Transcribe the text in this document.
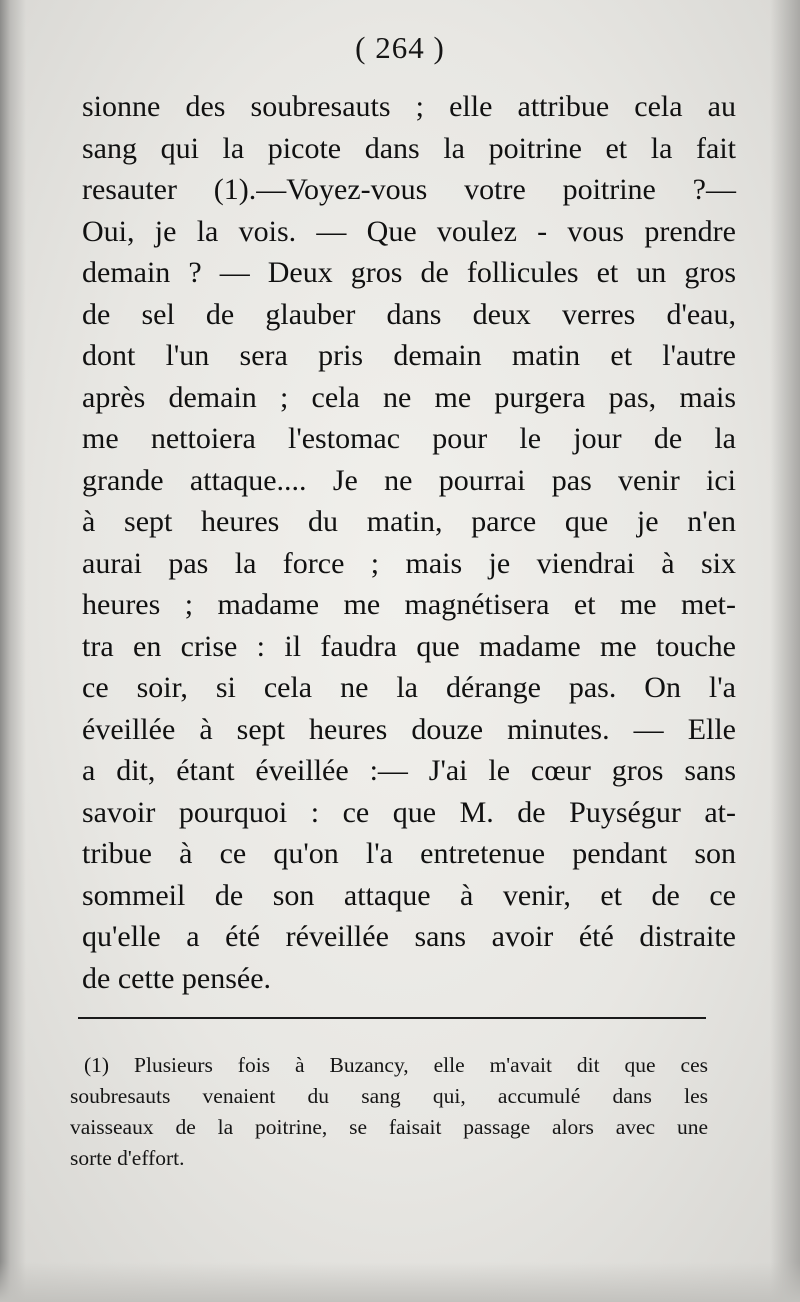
( 264 )
sionne des soubresauts ; elle attribue cela au
sang qui la picote dans la poitrine et la fait
resauter (1).—Voyez-vous votre poitrine ?—
Oui, je la vois. — Que voulez - vous prendre
demain ? — Deux gros de follicules et un gros
de sel de glauber dans deux verres d'eau,
dont l'un sera pris demain matin et l'autre
après demain ; cela ne me purgera pas, mais
me nettoiera l'estomac pour le jour de la
grande attaque.... Je ne pourrai pas venir ici
à sept heures du matin, parce que je n'en
aurai pas la force ; mais je viendrai à six
heures ; madame me magnétisera et me met-
tra en crise : il faudra que madame me touche
ce soir, si cela ne la dérange pas. On l'a
éveillée à sept heures douze minutes. — Elle
a dit, étant éveillée :— J'ai le cœur gros sans
savoir pourquoi : ce que M. de Puységur at-
tribue à ce qu'on l'a entretenue pendant son
sommeil de son attaque à venir, et de ce
qu'elle a été réveillée sans avoir été distraite
de cette pensée.
(1) Plusieurs fois à Buzancy, elle m'avait dit que ces
soubresauts venaient du sang qui, accumulé dans les
vaisseaux de la poitrine, se faisait passage alors avec une
sorte d'effort.
